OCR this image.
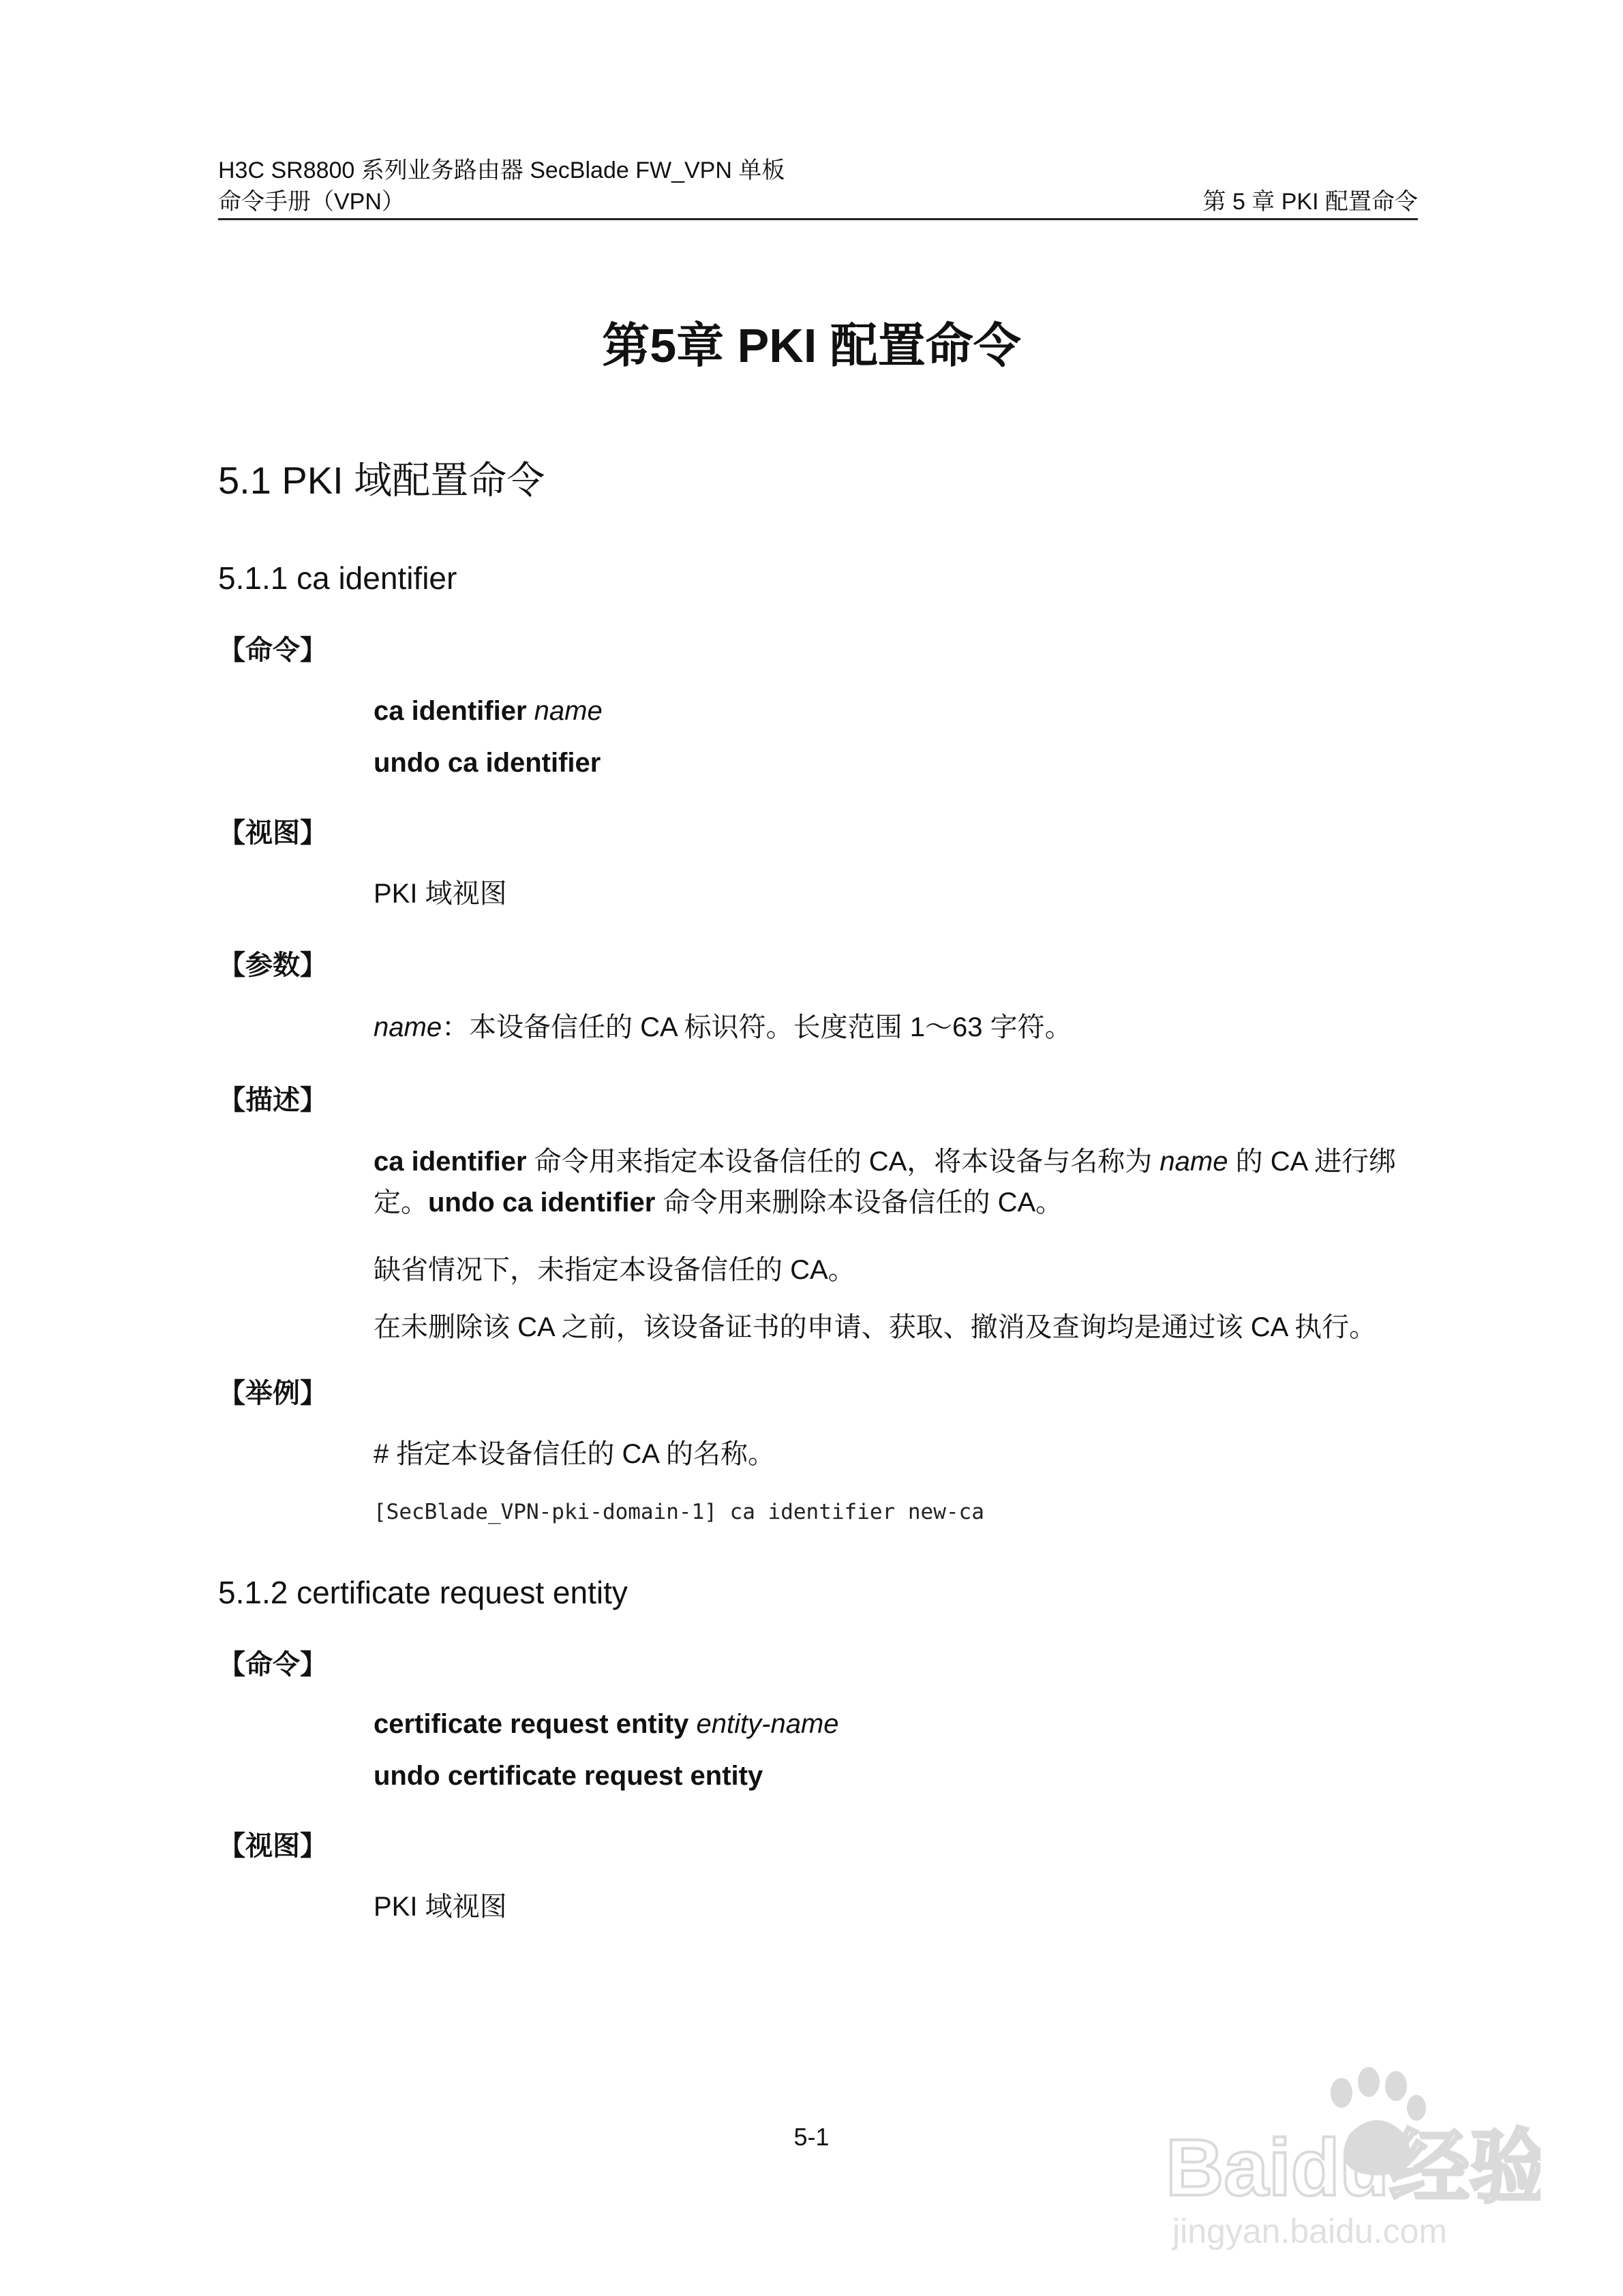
H3C SR8800 系列业务路由器 SecBlade FW_VPN 单板
命令手册（VPN）	第 5 章 PKI 配置命令
第5章 PKI 配置命令
5.1 PKI 域配置命令
5.1.1 ca identifier
【命令】
ca identifier name
undo ca identifier
【视图】
PKI 域视图
【参数】
name：本设备信任的 CA 标识符。长度范围 1～63 字符。
【描述】
ca identifier 命令用来指定本设备信任的 CA，将本设备与名称为 name 的 CA 进行绑定。undo ca identifier 命令用来删除本设备信任的 CA。
缺省情况下，未指定本设备信任的 CA。
在未删除该 CA 之前，该设备证书的申请、获取、撤消及查询均是通过该 CA 执行。
【举例】
# 指定本设备信任的 CA 的名称。
[SecBlade_VPN-pki-domain-1] ca identifier new-ca
5.1.2 certificate request entity
【命令】
certificate request entity entity-name
undo certificate request entity
【视图】
PKI 域视图
5-1	Baidu经验
jingyan.baidu.com
